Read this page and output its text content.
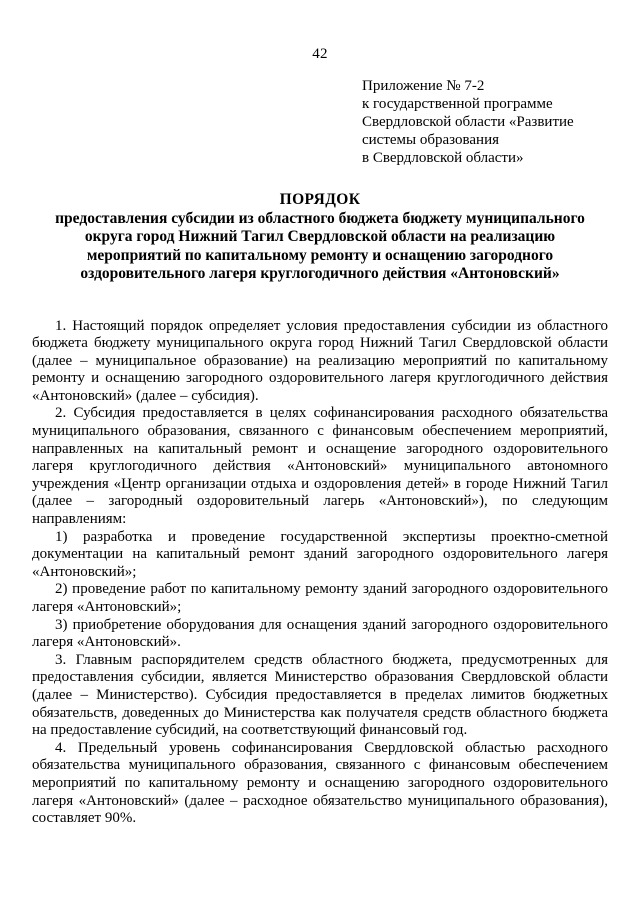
42
Приложение № 7-2
к государственной программе
Свердловской области «Развитие
системы образования
в Свердловской области»
ПОРЯДОК
предоставления субсидии из областного бюджета бюджету муниципального
округа город Нижний Тагил Свердловской области на реализацию
мероприятий по капитальному ремонту и оснащению загородного
оздоровительного лагеря круглогодичного действия «Антоновский»

1. Настоящий порядок определяет условия предоставления субсидии из областного бюджета бюджету муниципального округа город Нижний Тагил Свердловской области (далее – муниципальное образование) на реализацию мероприятий по капитальному ремонту и оснащению загородного оздоровительного лагеря круглогодичного действия «Антоновский» (далее – субсидия).

2. Субсидия предоставляется в целях софинансирования расходного обязательства муниципального образования, связанного с финансовым обеспечением мероприятий, направленных на капитальный ремонт и оснащение загородного оздоровительного лагеря круглогодичного действия «Антоновский» муниципального автономного учреждения «Центр организации отдыха и оздоровления детей» в городе Нижний Тагил (далее – загородный оздоровительный лагерь «Антоновский»), по следующим направлениям:

1) разработка и проведение государственной экспертизы проектно-сметной документации на капитальный ремонт зданий загородного оздоровительного лагеря «Антоновский»;

2) проведение работ по капитальному ремонту зданий загородного оздоровительного лагеря «Антоновский»;

3) приобретение оборудования для оснащения зданий загородного оздоровительного лагеря «Антоновский».

3. Главным распорядителем средств областного бюджета, предусмотренных для предоставления субсидии, является Министерство образования Свердловской области (далее – Министерство). Субсидия предоставляется в пределах лимитов бюджетных обязательств, доведенных до Министерства как получателя средств областного бюджета на предоставление субсидий, на соответствующий финансовый год.

4. Предельный уровень софинансирования Свердловской областью расходного обязательства муниципального образования, связанного с финансовым обеспечением мероприятий по капитальному ремонту и оснащению загородного оздоровительного лагеря «Антоновский» (далее – расходное обязательство муниципального образования), составляет 90%.
